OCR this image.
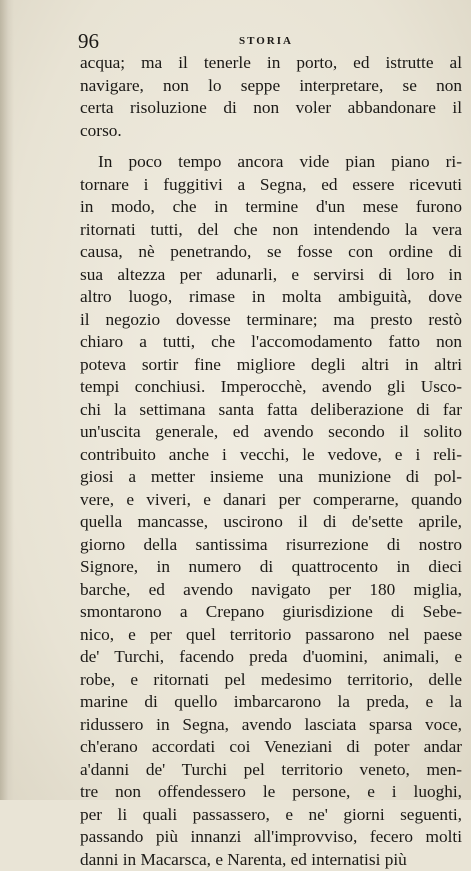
96	STORIA
acqua; ma il tenerle in porto, ed istrutte al
navigare, non lo seppe interpretare, se non
certa risoluzione di non voler abbandonare il
corso.
In poco tempo ancora vide pian piano ri-
tornare i fuggitivi a Segna, ed essere ricevuti
in modo, che in termine d'un mese furono
ritornati tutti, del che non intendendo la vera
causa, nè penetrando, se fosse con ordine di
sua altezza per adunarli, e servirsi di loro in
altro luogo, rimase in molta ambiguità, dove
il negozio dovesse terminare; ma presto restò
chiaro a tutti, che l'accomodamento fatto non
poteva sortir fine migliore degli altri in altri
tempi conchiusi. Imperocchè, avendo gli Usco-
chi la settimana santa fatta deliberazione di far
un'uscita generale, ed avendo secondo il solito
contribuito anche i vecchi, le vedove, e i reli-
giosi a metter insieme una munizione di pol-
vere, e viveri, e danari per comperarne, quando
quella mancasse, uscirono il di de'sette aprile,
giorno della santissima risurrezione di nostro
Signore, in numero di quattrocento in dieci
barche, ed avendo navigato per 180 miglia,
smontarono a Crepano giurisdizione di Sebe-
nico, e per quel territorio passarono nel paese
de' Turchi, facendo preda d'uomini, animali, e
robe, e ritornati pel medesimo territorio, delle
marine di quello imbarcarono la preda, e la
ridussero in Segna, avendo lasciata sparsa voce,
ch'erano accordati coi Veneziani di poter andar
a'danni de' Turchi pel territorio veneto, men-
tre non offendessero le persone, e i luoghi,
per li quali passassero, e ne' giorni seguenti,
passando più innanzi all'improvviso, fecero molti
danni in Macarsca, e Narenta, ed internatisi più
